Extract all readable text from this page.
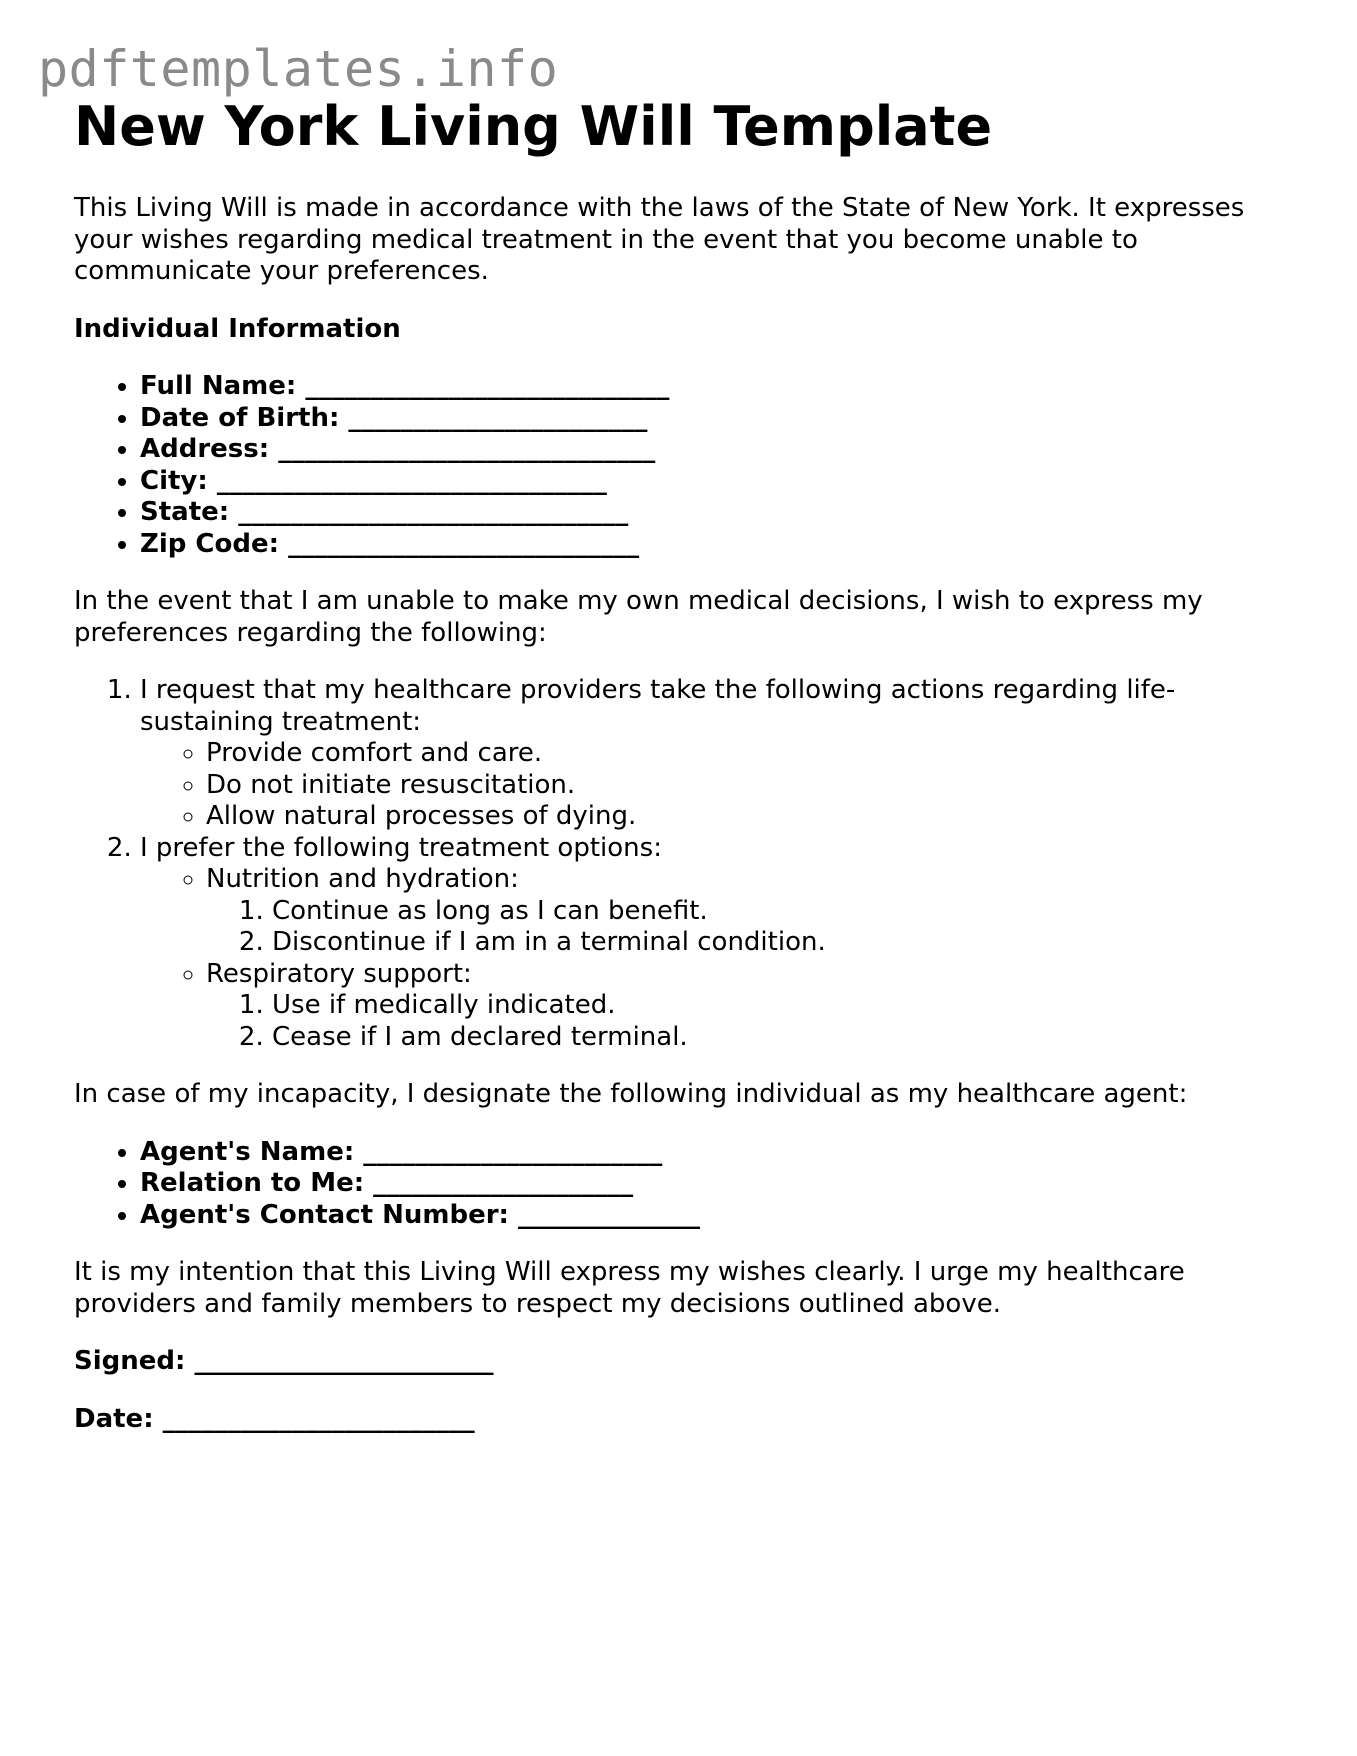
pdftemplates.info
New York Living Will Template

This Living Will is made in accordance with the laws of the State of New York. It expresses your wishes regarding medical treatment in the event that you become unable to communicate your preferences.

Individual Information

• Full Name: ____________________________
• Date of Birth: _______________________
• Address: _____________________________
• City: ______________________________
• State: ______________________________
• Zip Code: ___________________________

In the event that I am unable to make my own medical decisions, I wish to express my preferences regarding the following:

1. I request that my healthcare providers take the following actions regarding life-sustaining treatment:
◦ Provide comfort and care.
◦ Do not initiate resuscitation.
◦ Allow natural processes of dying.
2. I prefer the following treatment options:
◦ Nutrition and hydration:
1. Continue as long as I can benefit.
2. Discontinue if I am in a terminal condition.
◦ Respiratory support:
1. Use if medically indicated.
2. Cease if I am declared terminal.

In case of my incapacity, I designate the following individual as my healthcare agent:

• Agent's Name: _______________________
• Relation to Me: ____________________
• Agent's Contact Number: ______________

It is my intention that this Living Will express my wishes clearly. I urge my healthcare providers and family members to respect my decisions outlined above.

Signed: _______________________

Date: ________________________
